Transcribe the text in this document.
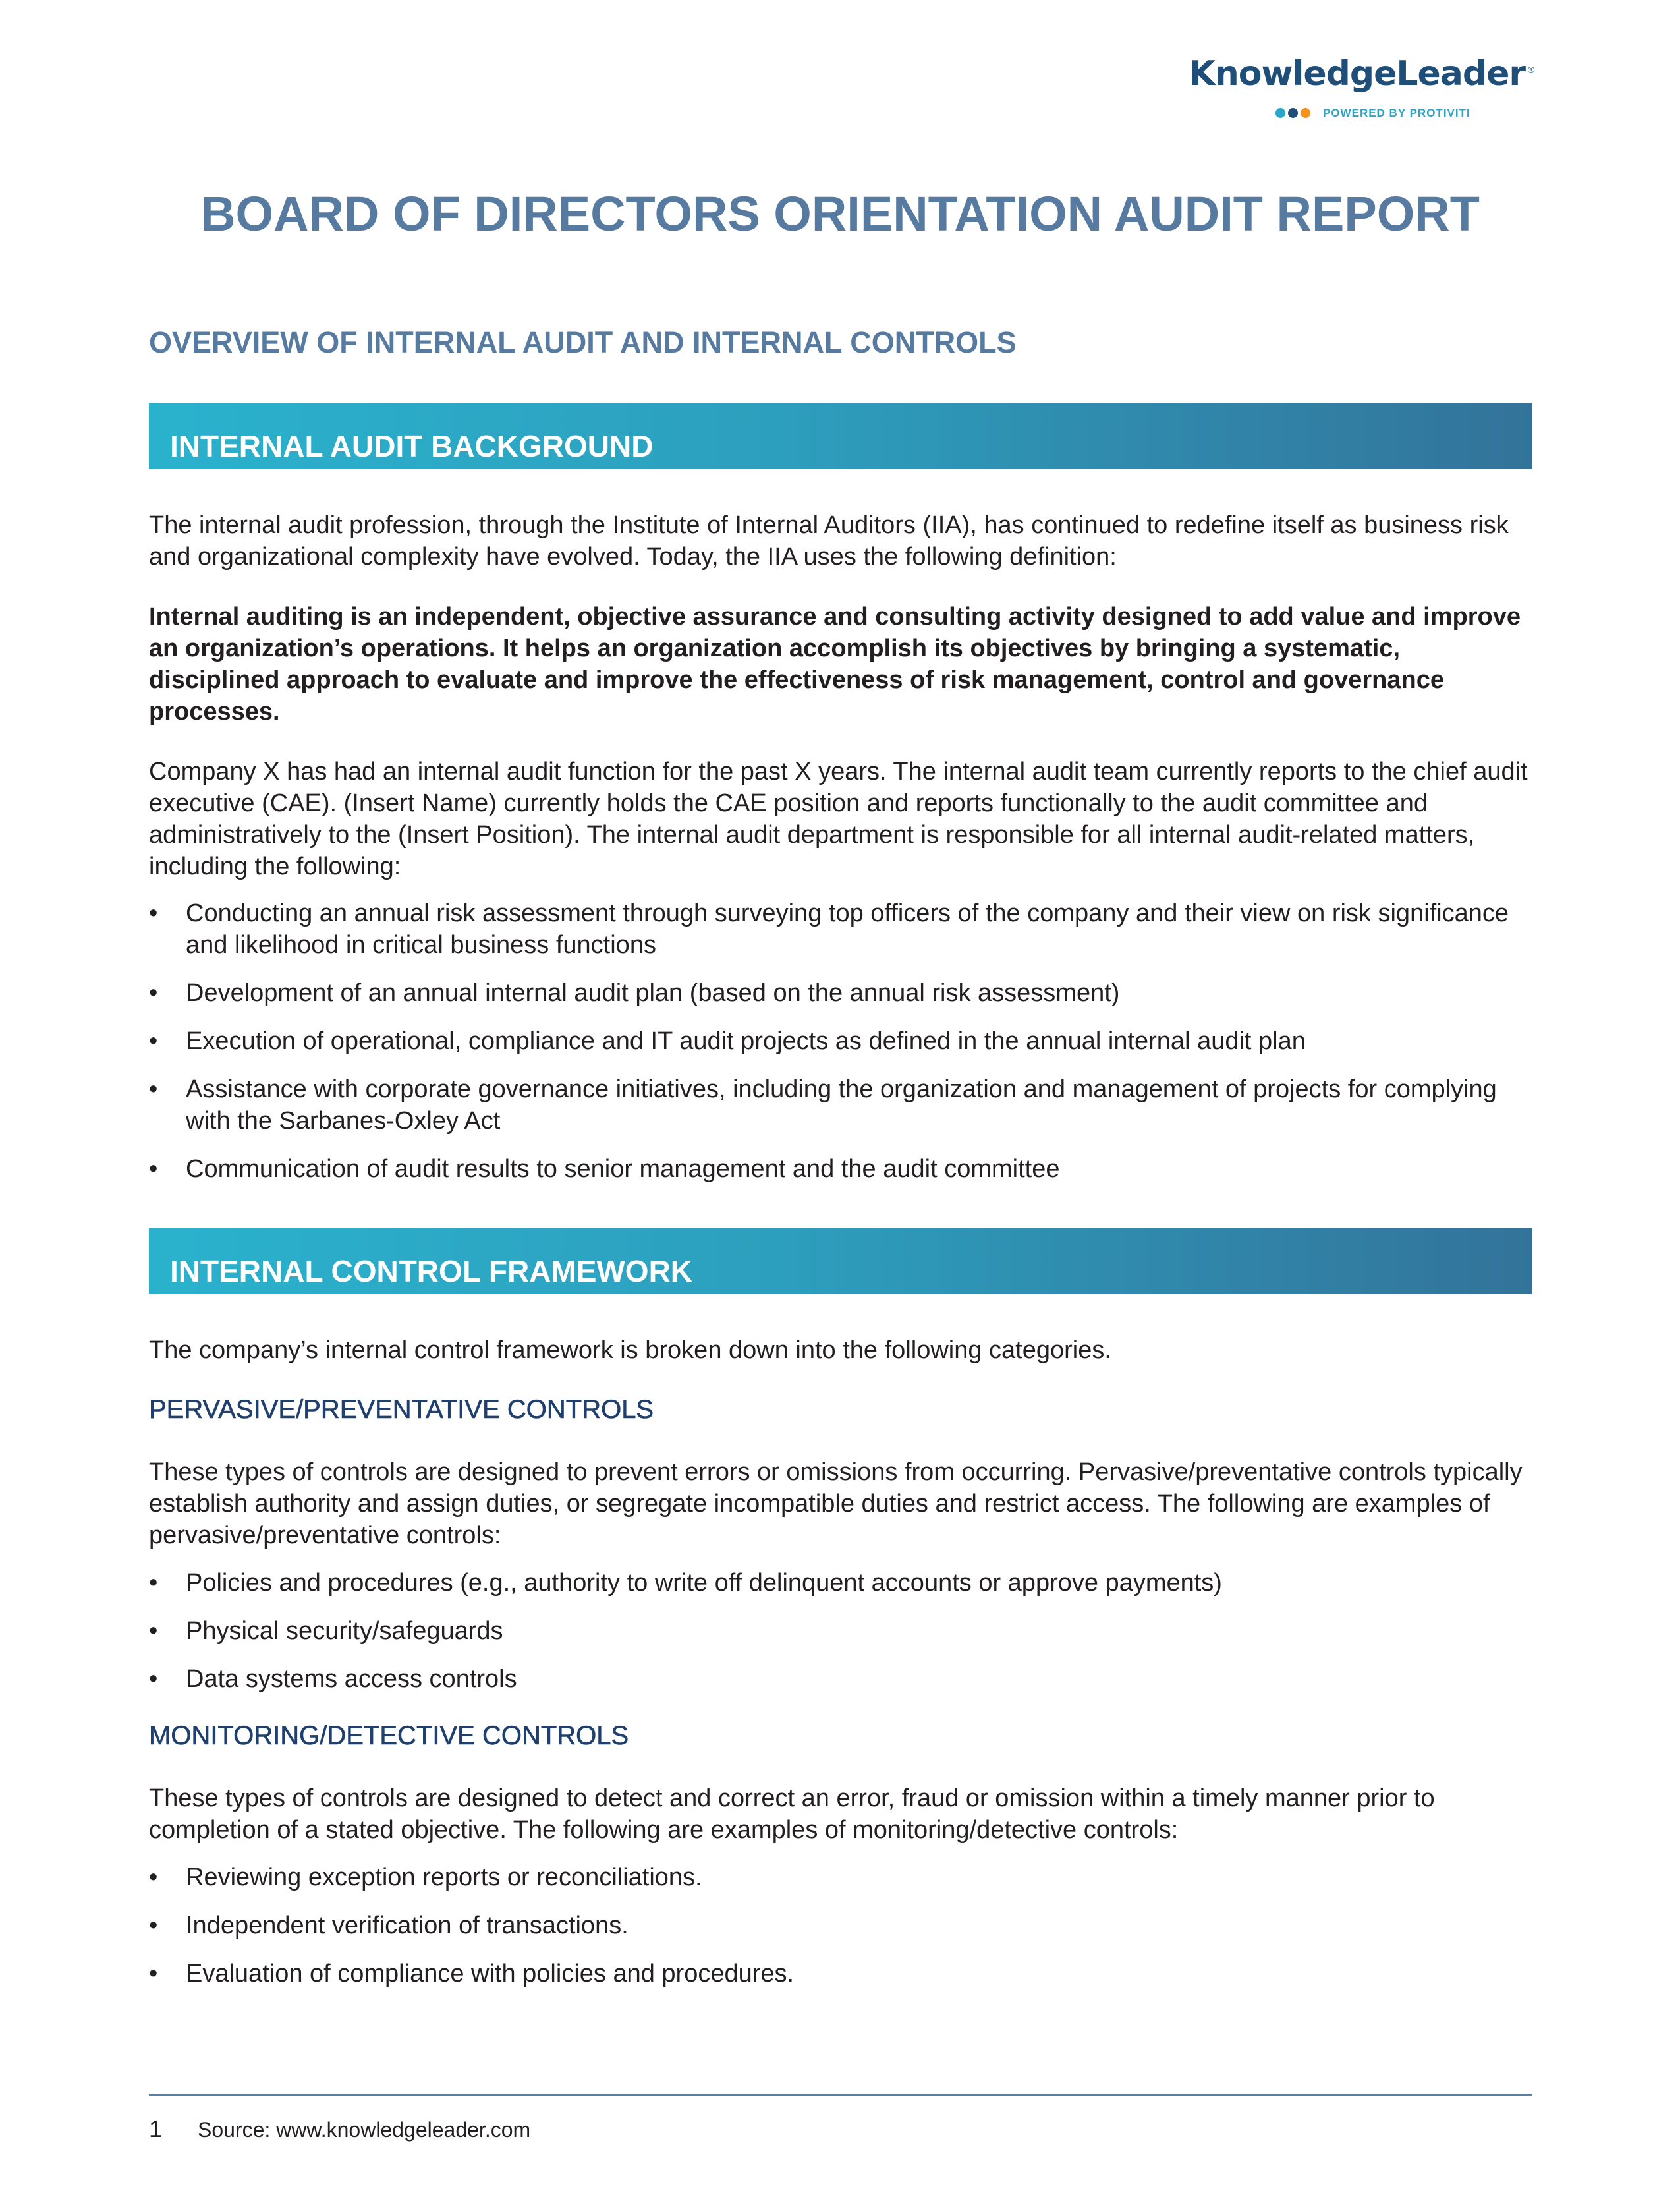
KnowledgeLeader ®
POWERED BY PROTIVITI
BOARD OF DIRECTORS ORIENTATION AUDIT REPORT
OVERVIEW OF INTERNAL AUDIT AND INTERNAL CONTROLS
INTERNAL AUDIT BACKGROUND

The internal audit profession, through the Institute of Internal Auditors (IIA), has continued to redefine itself as business risk and organizational complexity have evolved. Today, the IIA uses the following definition:

Internal auditing is an independent, objective assurance and consulting activity designed to add value and improve an organization’s operations. It helps an organization accomplish its objectives by bringing a systematic, disciplined approach to evaluate and improve the effectiveness of risk management, control and governance processes.

Company X has had an internal audit function for the past X years. The internal audit team currently reports to the chief audit executive (CAE). (Insert Name) currently holds the CAE position and reports functionally to the audit committee and administratively to the (Insert Position). The internal audit department is responsible for all internal audit-related matters, including the following:

• Conducting an annual risk assessment through surveying top officers of the company and their view on risk significance and likelihood in critical business functions
• Development of an annual internal audit plan (based on the annual risk assessment)
• Execution of operational, compliance and IT audit projects as defined in the annual internal audit plan
• Assistance with corporate governance initiatives, including the organization and management of projects for complying with the Sarbanes-Oxley Act
• Communication of audit results to senior management and the audit committee
INTERNAL CONTROL FRAMEWORK

The company’s internal control framework is broken down into the following categories.

PERVASIVE/PREVENTATIVE CONTROLS

These types of controls are designed to prevent errors or omissions from occurring. Pervasive/preventative controls typically establish authority and assign duties, or segregate incompatible duties and restrict access. The following are examples of pervasive/preventative controls:

• Policies and procedures (e.g., authority to write off delinquent accounts or approve payments)
• Physical security/safeguards
• Data systems access controls
MONITORING/DETECTIVE CONTROLS

These types of controls are designed to detect and correct an error, fraud or omission within a timely manner prior to completion of a stated objective. The following are examples of monitoring/detective controls:

• Reviewing exception reports or reconciliations.
• Independent verification of transactions.
• Evaluation of compliance with policies and procedures.
1 Source: www.knowledgeleader.com
